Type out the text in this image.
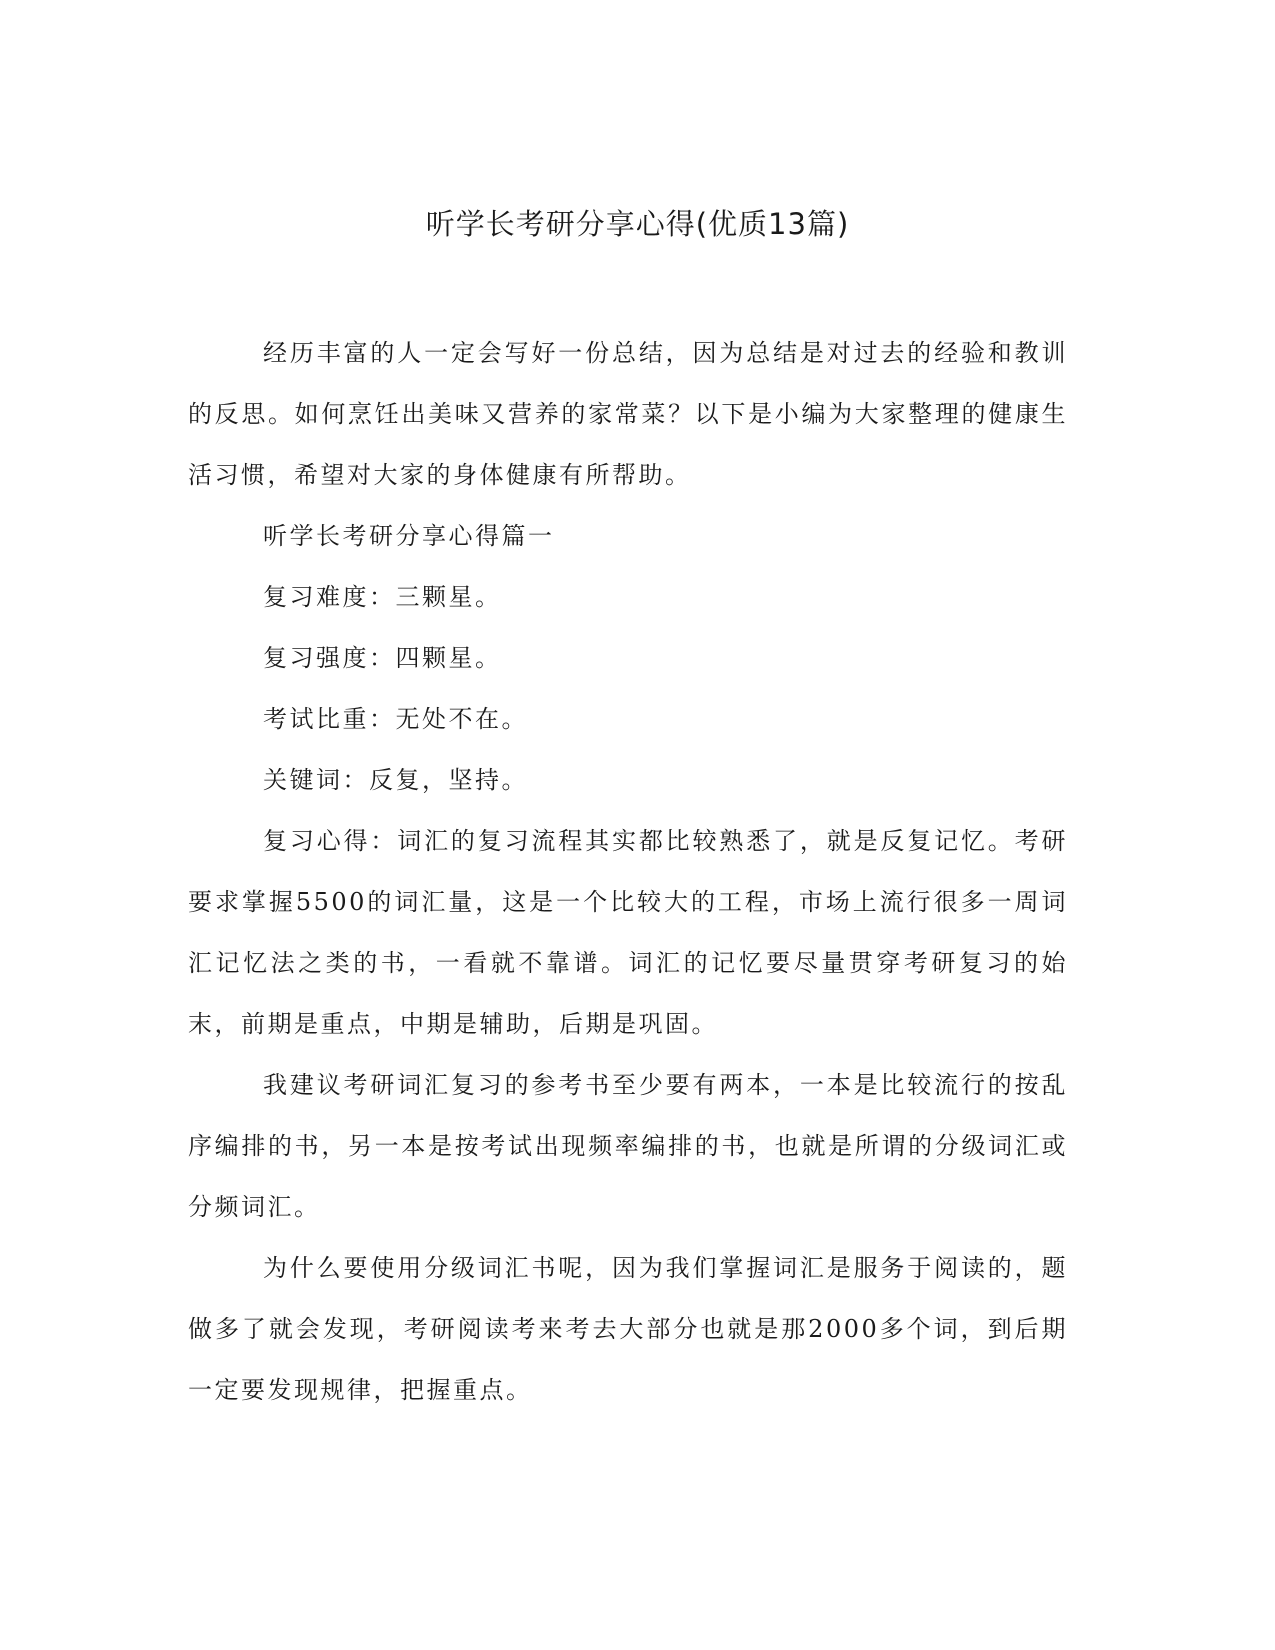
听学长考研分享心得(优质13篇)

经历丰富的人一定会写好一份总结，因为总结是对过去的经验和教训的反思。如何烹饪出美味又营养的家常菜？以下是小编为大家整理的健康生活习惯，希望对大家的身体健康有所帮助。

听学长考研分享心得篇一

复习难度：三颗星。

复习强度：四颗星。

考试比重：无处不在。

关键词：反复，坚持。

复习心得：词汇的复习流程其实都比较熟悉了，就是反复记忆。考研要求掌握5500的词汇量，这是一个比较大的工程，市场上流行很多一周词汇记忆法之类的书，一看就不靠谱。词汇的记忆要尽量贯穿考研复习的始末，前期是重点，中期是辅助，后期是巩固。

我建议考研词汇复习的参考书至少要有两本，一本是比较流行的按乱序编排的书，另一本是按考试出现频率编排的书，也就是所谓的分级词汇或分频词汇。

为什么要使用分级词汇书呢，因为我们掌握词汇是服务于阅读的，题做多了就会发现，考研阅读考来考去大部分也就是那2000多个词，到后期一定要发现规律，把握重点。
